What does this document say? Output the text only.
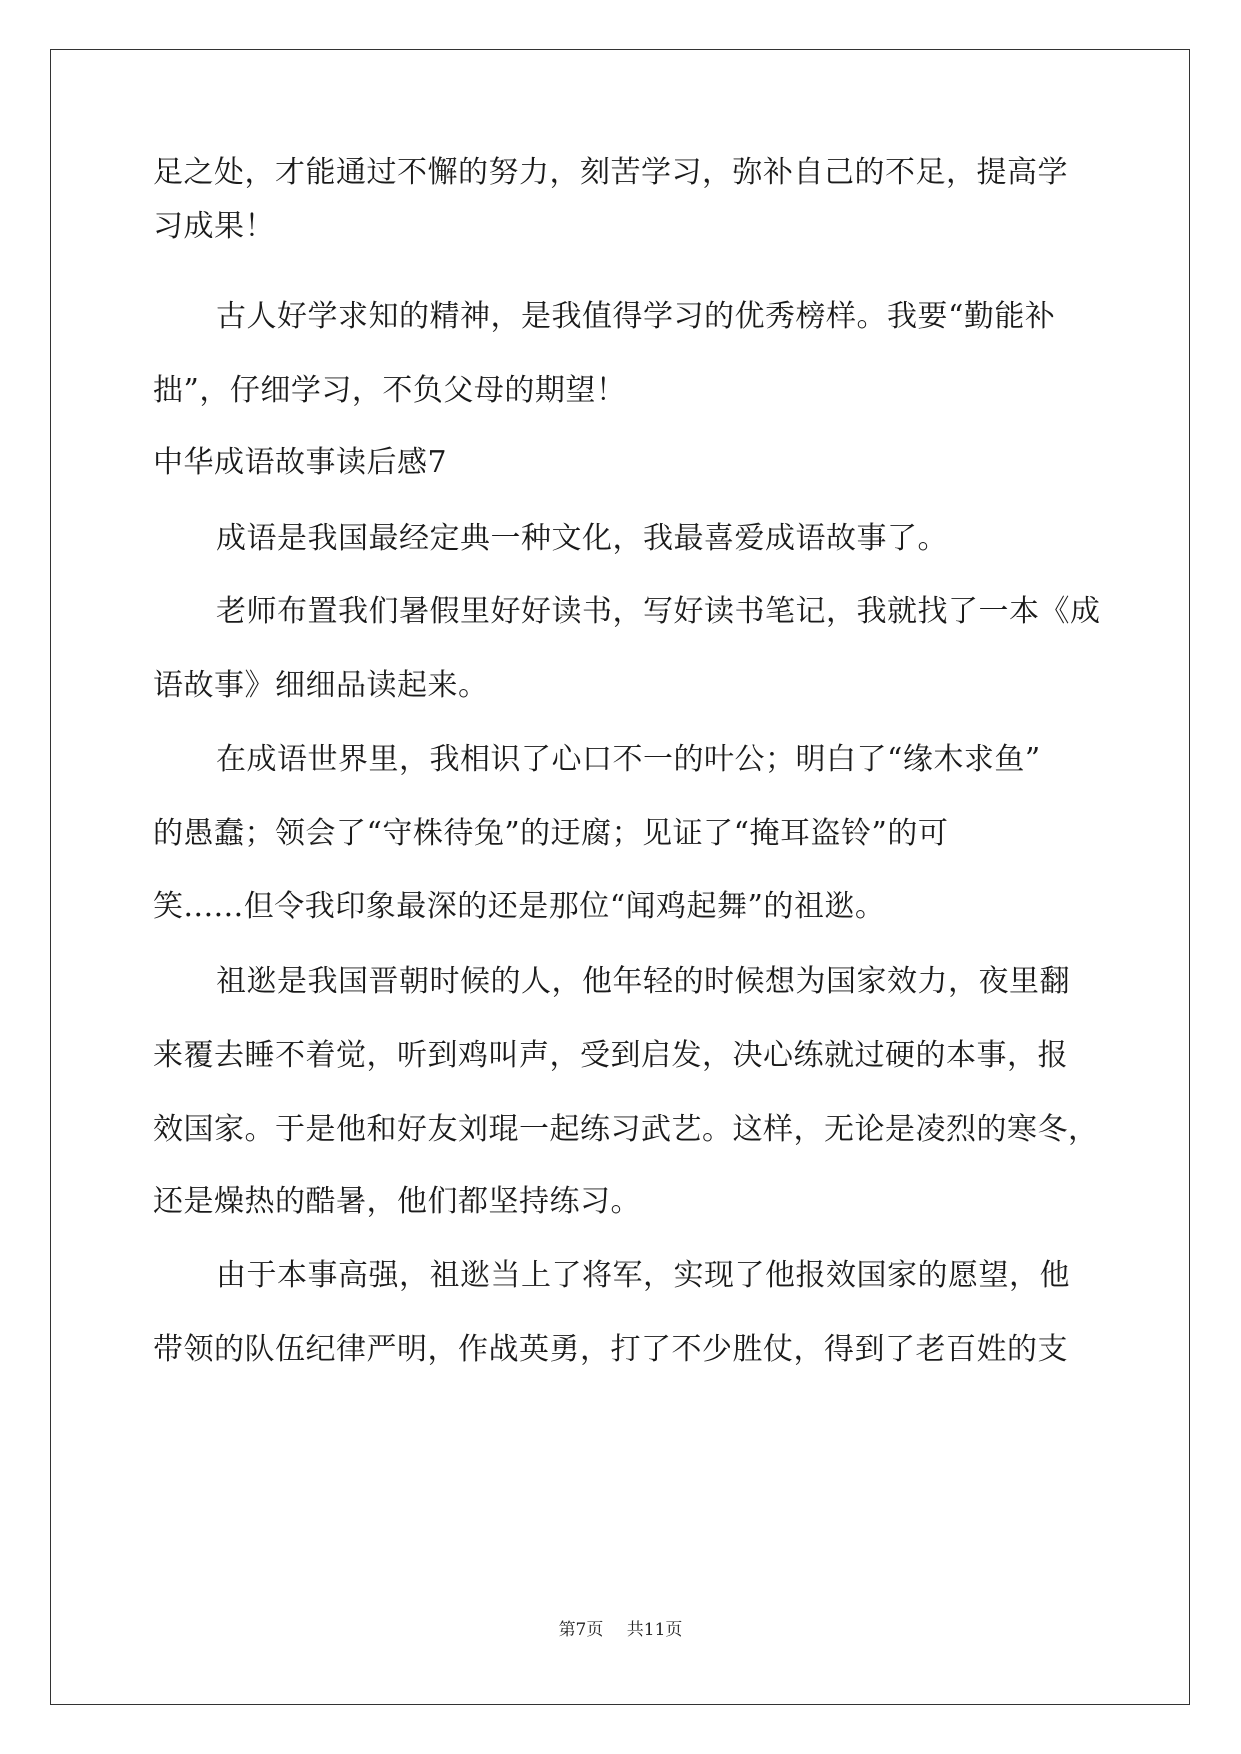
足之处，才能通过不懈的努力，刻苦学习，弥补自己的不足，提高学
习成果！
古人好学求知的精神，是我值得学习的优秀榜样。我要“勤能补
拙”，仔细学习，不负父母的期望！
中华成语故事读后感7
成语是我国最经定典一种文化，我最喜爱成语故事了。
老师布置我们暑假里好好读书，写好读书笔记，我就找了一本《成
语故事》细细品读起来。
在成语世界里，我相识了心口不一的叶公；明白了“缘木求鱼”
的愚蠢；领会了“守株待兔”的迂腐；见证了“掩耳盗铃”的可
笑......但令我印象最深的还是那位“闻鸡起舞”的祖逖。
祖逖是我国晋朝时候的人，他年轻的时候想为国家效力，夜里翻
来覆去睡不着觉，听到鸡叫声，受到启发，决心练就过硬的本事，报
效国家。于是他和好友刘琨一起练习武艺。这样，无论是凌烈的寒冬，
还是燥热的酷暑，他们都坚持练习。
由于本事高强，祖逖当上了将军，实现了他报效国家的愿望，他
带领的队伍纪律严明，作战英勇，打了不少胜仗，得到了老百姓的支
第7页 共11页
